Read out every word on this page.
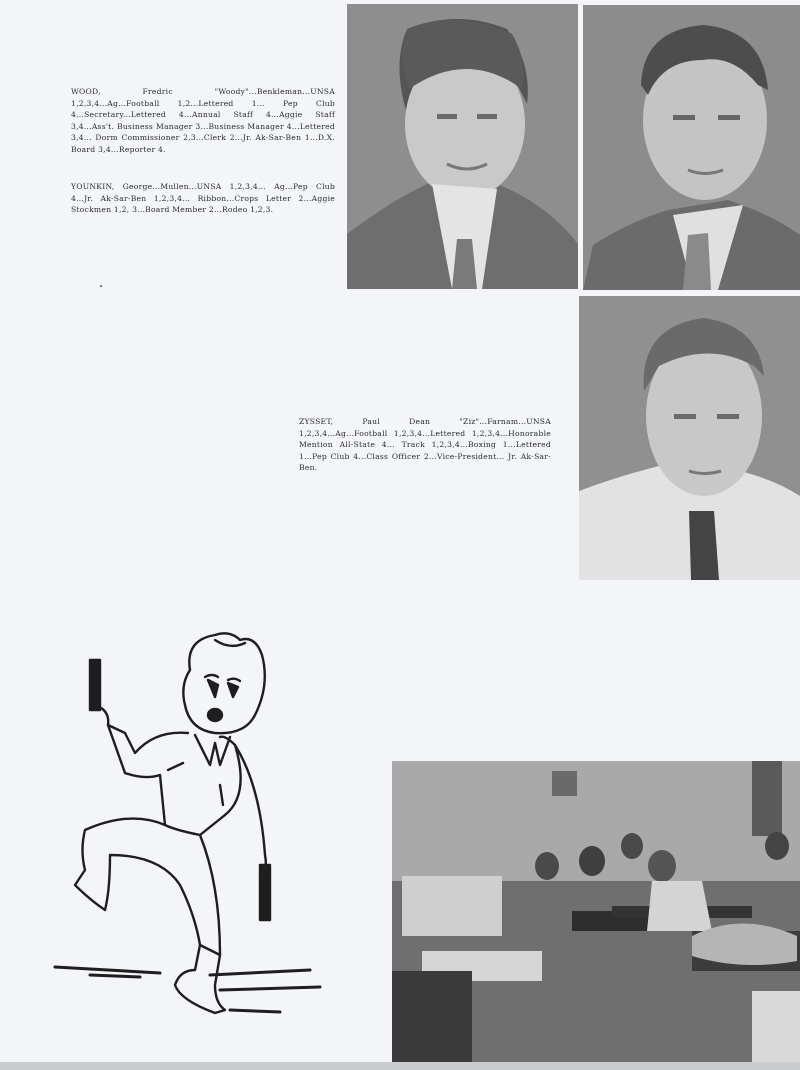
WOOD, Fredric "Woody"...Benkleman...UNSA 1,2,3,4...Ag...Football 1,2...Lettered 1... Pep Club 4...Secretary...Lettered 4...Annual Staff 4...Aggie Staff 3,4...Ass't. Business Manager 3...Business Manager 4...Lettered 3,4... Dorm Commissioner 2,3...Clerk 2...Jr. Ak-Sar-Ben 1...D.X. Board 3,4...Reporter 4.
YOUNKIN, George...Mullen...UNSA 1,2,3,4... Ag...Pep Club 4...Jr. Ak-Sar-Ben 1,2,3,4... Ribbon...Crops Letter 2...Aggie Stockmen 1,2, 3...Board Member 2...Rodeo 1,2,3.
ZYSSET, Paul Dean "Ziz"...Farnam...UNSA 1,2,3,4...Ag...Football 1,2,3,4...Lettered 1,2,3,4...Honorable Mention All-State 4... Track 1,2,3,4...Boxing 1...Lettered 1...Pep Club 4...Class Officer 2...Vice-President... Jr. Ak-Sar-Ben.
